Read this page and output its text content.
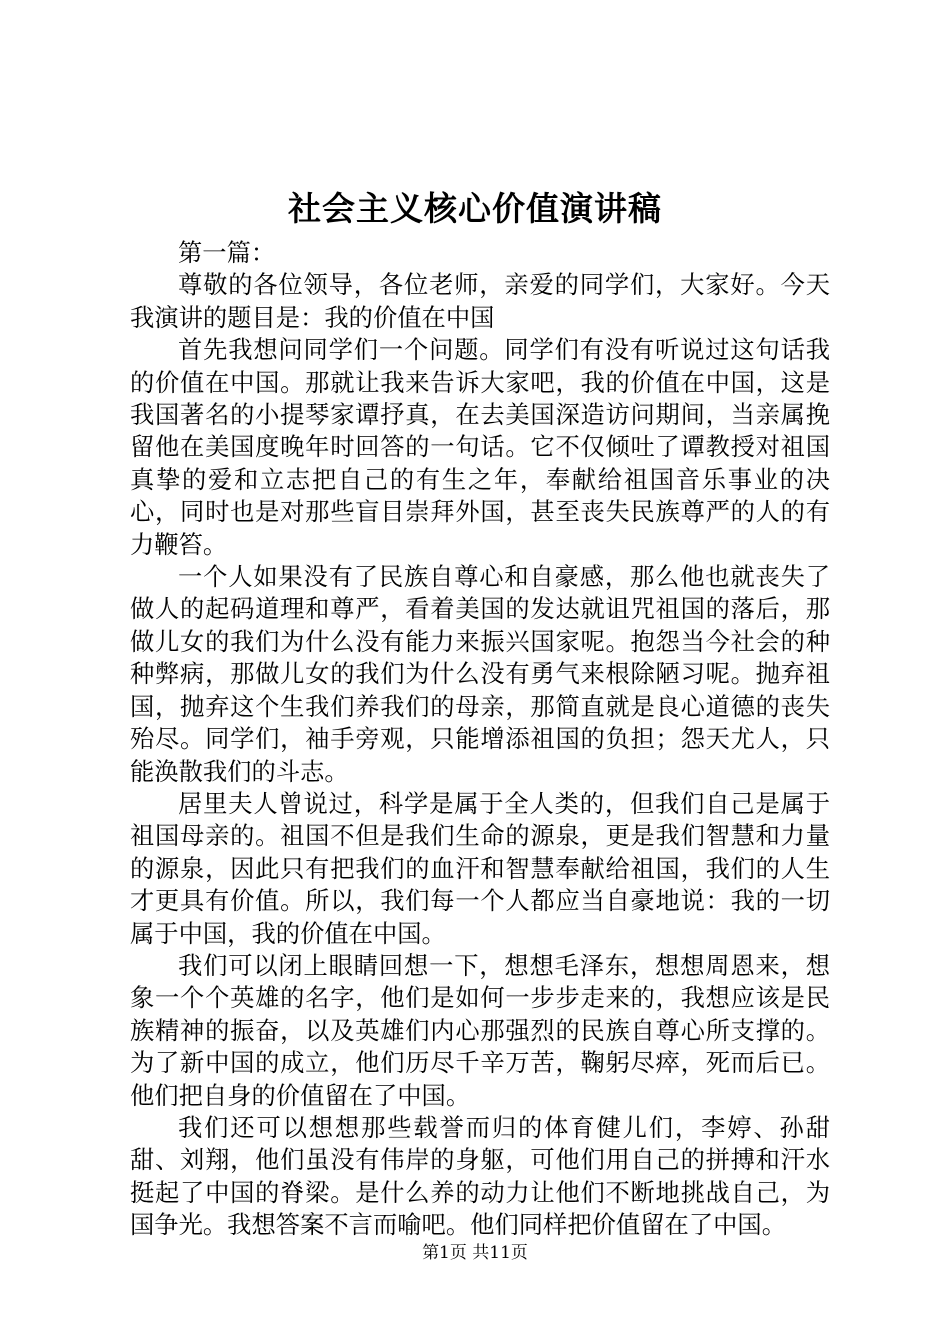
社会主义核心价值演讲稿

第一篇：

尊敬的各位领导，各位老师，亲爱的同学们，大家好。今天我演讲的题目是：我的价值在中国

首先我想问同学们一个问题。同学们有没有听说过这句话我的价值在中国。那就让我来告诉大家吧，我的价值在中国，这是我国著名的小提琴家谭抒真，在去美国深造访问期间，当亲属挽留他在美国度晚年时回答的一句话。它不仅倾吐了谭教授对祖国真挚的爱和立志把自己的有生之年，奉献给祖国音乐事业的决心，同时也是对那些盲目崇拜外国，甚至丧失民族尊严的人的有力鞭笞。

一个人如果没有了民族自尊心和自豪感，那么他也就丧失了做人的起码道理和尊严，看着美国的发达就诅咒祖国的落后，那做儿女的我们为什么没有能力来振兴国家呢。抱怨当今社会的种种弊病，那做儿女的我们为什么没有勇气来根除陋习呢。抛弃祖国，抛弃这个生我们养我们的母亲，那简直就是良心道德的丧失殆尽。同学们，袖手旁观，只能增添祖国的负担；怨天尤人，只能涣散我们的斗志。

居里夫人曾说过，科学是属于全人类的，但我们自己是属于祖国母亲的。祖国不但是我们生命的源泉，更是我们智慧和力量的源泉，因此只有把我们的血汗和智慧奉献给祖国，我们的人生才更具有价值。所以，我们每一个人都应当自豪地说：我的一切属于中国，我的价值在中国。

我们可以闭上眼睛回想一下，想想毛泽东，想想周恩来，想象一个个英雄的名字，他们是如何一步步走来的，我想应该是民族精神的振奋，以及英雄们内心那强烈的民族自尊心所支撑的。为了新中国的成立，他们历尽千辛万苦，鞠躬尽瘁，死而后已。他们把自身的价值留在了中国。

我们还可以想想那些载誉而归的体育健儿们，李婷、孙甜甜、刘翔，他们虽没有伟岸的身躯，可他们用自己的拼搏和汗水挺起了中国的脊梁。是什么养的动力让他们不断地挑战自己，为国争光。我想答案不言而喻吧。他们同样把价值留在了中国。

第1页 共11页
